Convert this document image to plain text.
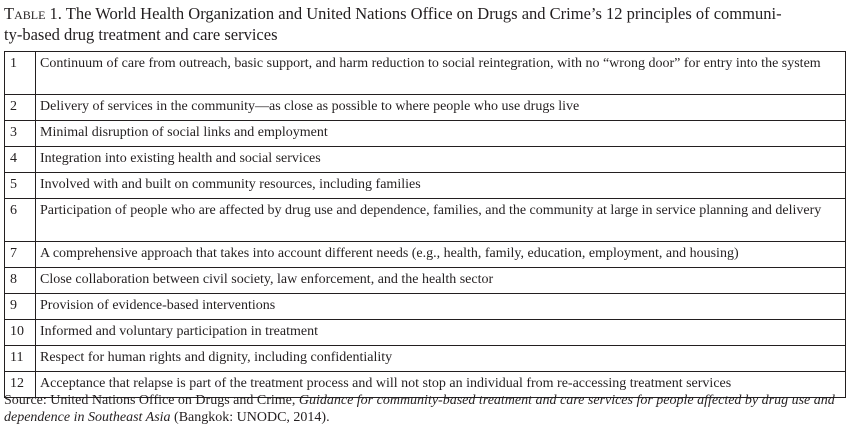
Table 1. The World Health Organization and United Nations Office on Drugs and Crime’s 12 principles of communi-
ty-based drug treatment and care services
1	Continuum of care from outreach, basic support, and harm reduction to social reintegration, with no “wrong door” for entry into the system
2	Delivery of services in the community—as close as possible to where people who use drugs live
3	Minimal disruption of social links and employment
4	Integration into existing health and social services
5	Involved with and built on community resources, including families
6	Participation of people who are affected by drug use and dependence, families, and the community at large in service planning and delivery
7	A comprehensive approach that takes into account different needs (e.g., health, family, education, employment, and housing)
8	Close collaboration between civil society, law enforcement, and the health sector
9	Provision of evidence-based interventions
10	Informed and voluntary participation in treatment
11	Respect for human rights and dignity, including confidentiality
12	Acceptance that relapse is part of the treatment process and will not stop an individual from re-accessing treatment services
Source: United Nations Office on Drugs and Crime, Guidance for community-based treatment and care services for people affected by drug use and dependence in Southeast Asia (Bangkok: UNODC, 2014).
